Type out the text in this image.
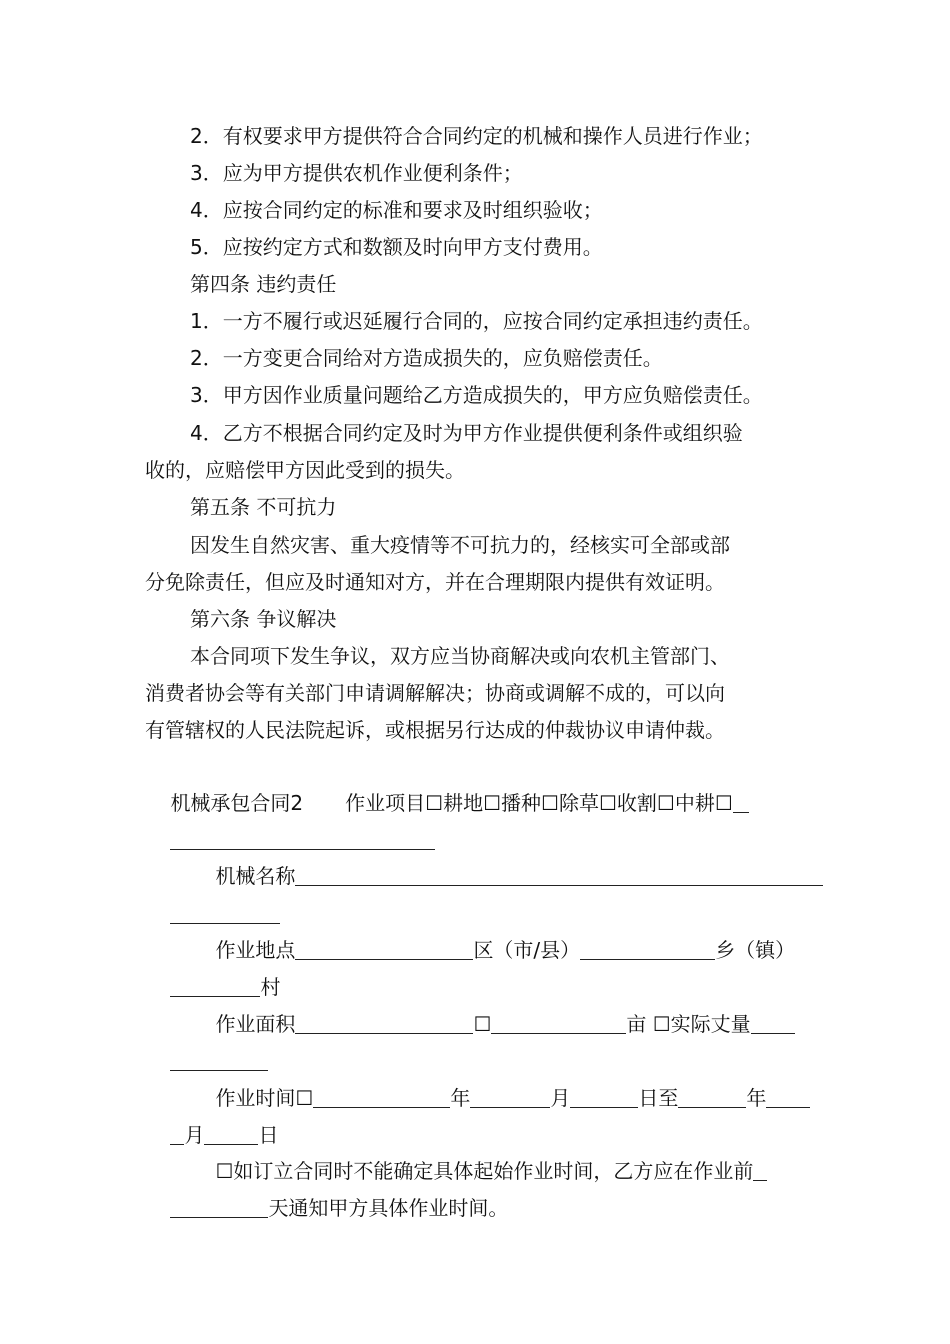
2．有权要求甲方提供符合合同约定的机械和操作人员进行作业；
3．应为甲方提供农机作业便利条件；
4．应按合同约定的标准和要求及时组织验收；
5．应按约定方式和数额及时向甲方支付费用。
第四条 违约责任
1．一方不履行或迟延履行合同的，应按合同约定承担违约责任。
2．一方变更合同给对方造成损失的，应负赔偿责任。
3．甲方因作业质量问题给乙方造成损失的，甲方应负赔偿责任。
4．乙方不根据合同约定及时为甲方作业提供便利条件或组织验
收的，应赔偿甲方因此受到的损失。
第五条 不可抗力
因发生自然灾害、重大疫情等不可抗力的，经核实可全部或部
分免除责任，但应及时通知对方，并在合理期限内提供有效证明。
第六条 争议解决
本合同项下发生争议，双方应当协商解决或向农机主管部门、
消费者协会等有关部门申请调解解决；协商或调解不成的，可以向
有管辖权的人民法院起诉，或根据另行达成的仲裁协议申请仲裁。

机械承包合同2 作业项目☐耕地☐播种☐除草☐收割☐中耕☐

机械名称

作业地点	区（市/县）	乡（镇）

村

作业面积	☐	亩 ☐实际丈量

作业时间☐	年	月	日至	年

月	日

☐如订立合同时不能确定具体起始作业时间，乙方应在作业前

天通知甲方具体作业时间。
